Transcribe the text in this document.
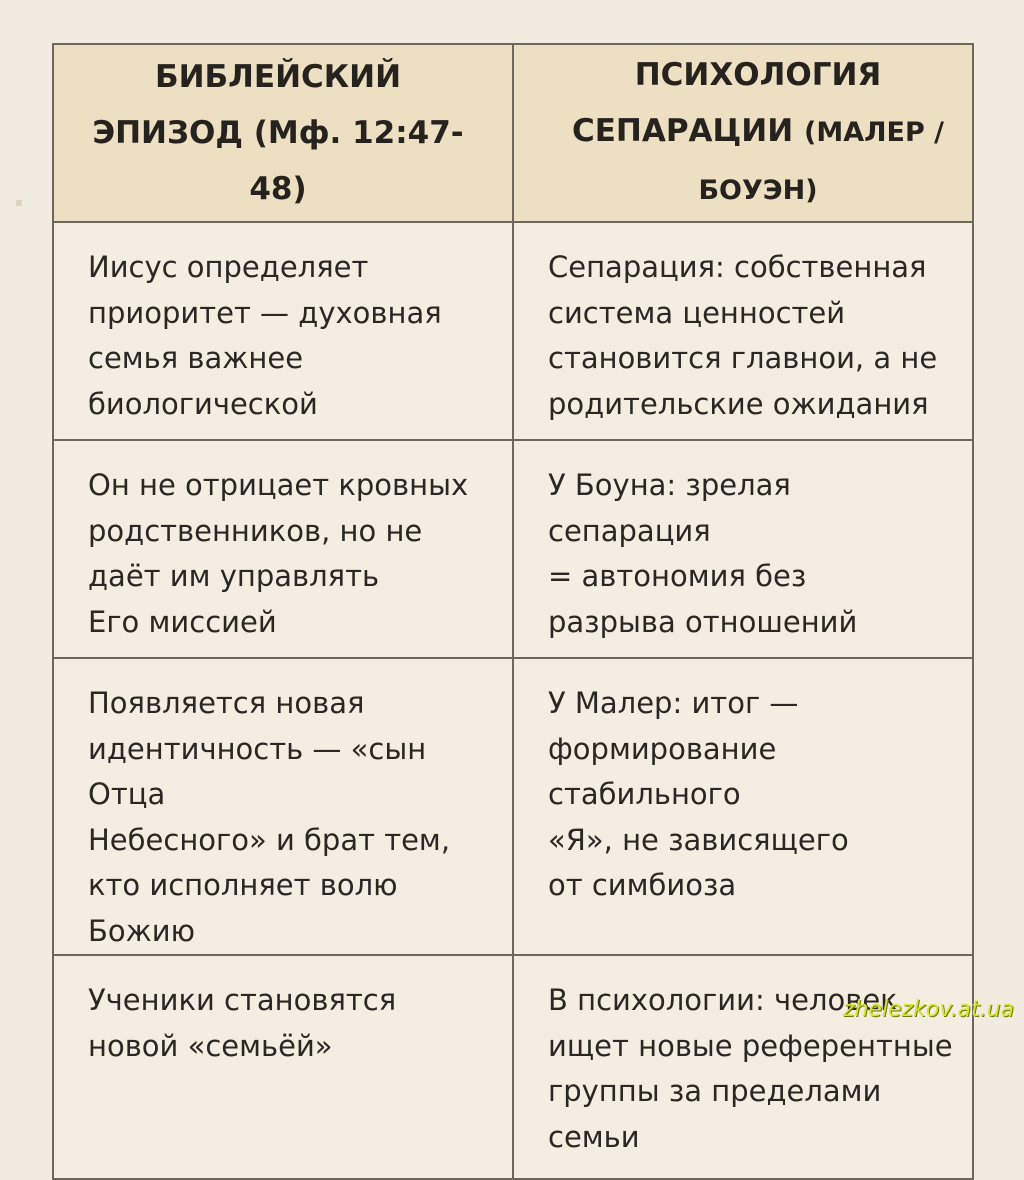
БИБЛЕЙСКИЙ
ЭПИЗОД (Мф. 12:47-48)	ПСИХОЛОГИЯ
СЕПАРАЦИИ (МАЛЕР /
БОУЭН)

Иисус определяет
приоритет — духовная
семья важнее
биологической	Сепарация: собственная
система ценностей
становится главнои, а не
родительские ожидания

Он не отрицает кровных
родственников, но не
даёт им управлять
Его миссией	У Боуна: зрелая сепарация
= автономия без
разрыва отношений

Появляется новая
идентичность — «сын Отца
Небесного» и брат тем,
кто исполняет волю Божию	У Малер: итог —
формирование стабильного
«Я», не зависящего
от симбиоза

Ученики становятся
новой «семьёй»	В психологии: человек
ищет новые референтные
группы за пределами семьи
zhelezkov.at.ua
